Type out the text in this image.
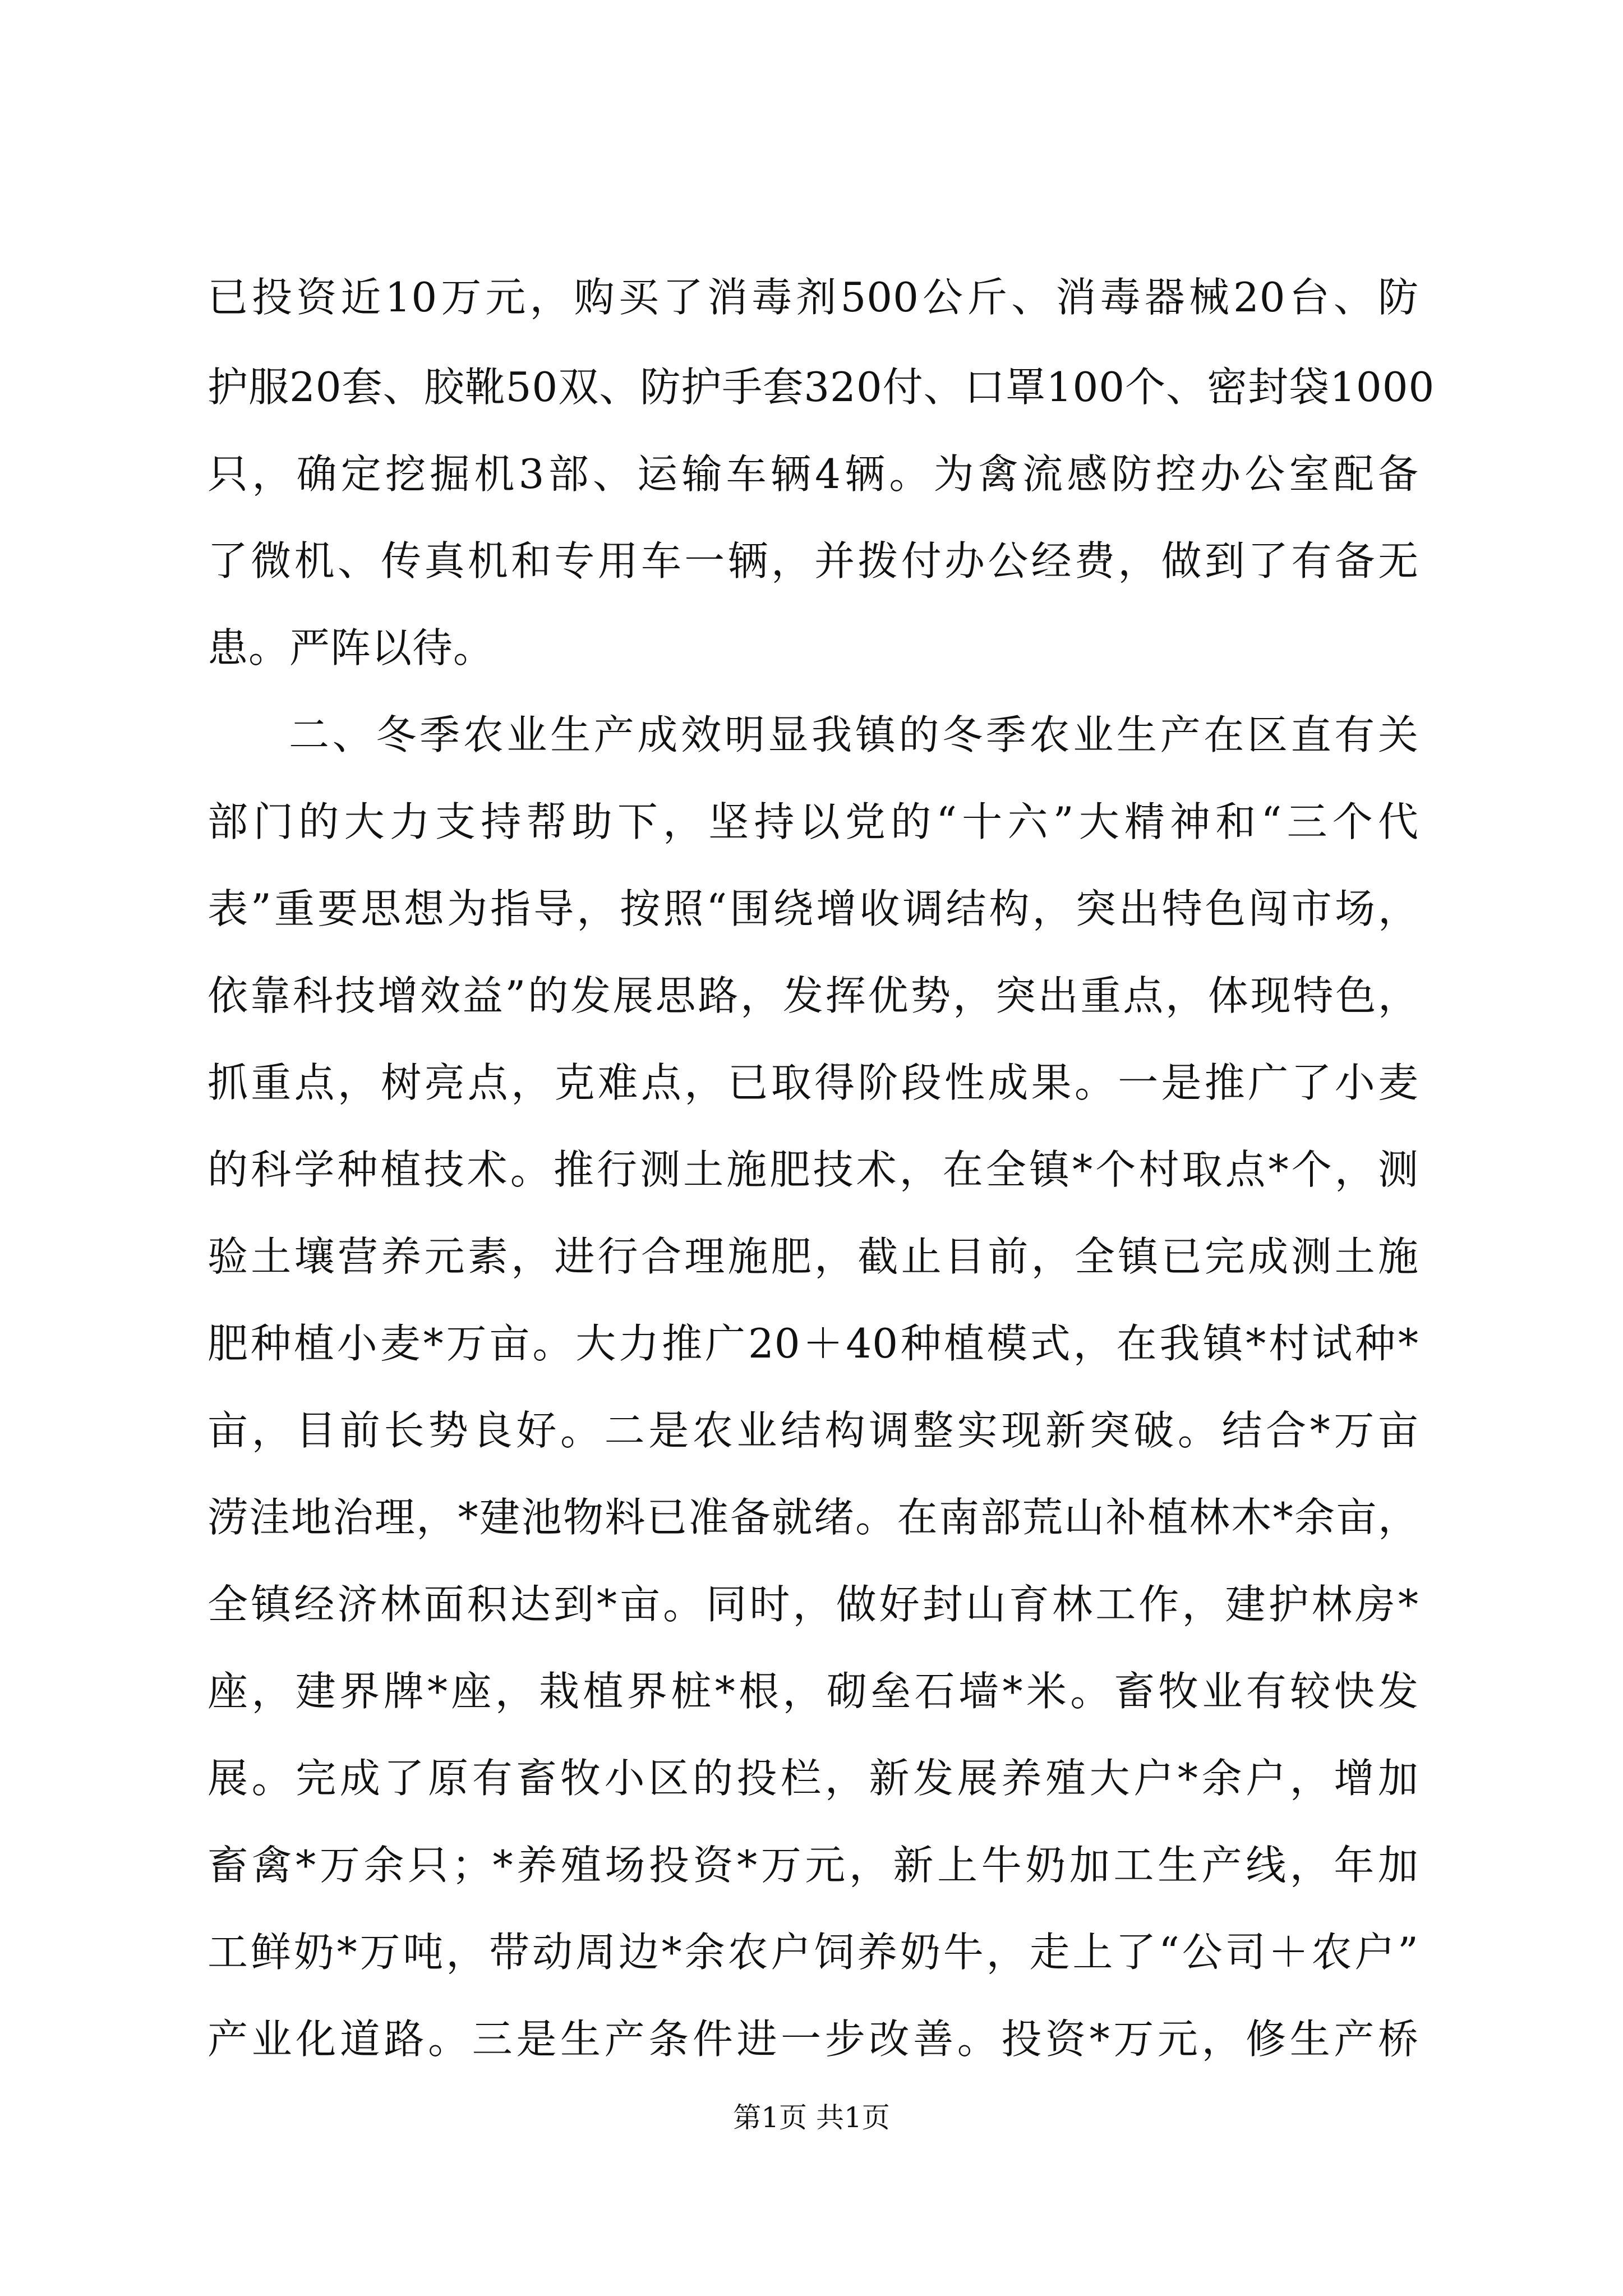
已投资近10万元，购买了消毒剂500公斤、消毒器械20台、防
护服20套、胶靴50双、防护手套320付、口罩100个、密封袋1000
只，确定挖掘机3部、运输车辆4辆。为禽流感防控办公室配备
了微机、传真机和专用车一辆，并拨付办公经费，做到了有备无
患。严阵以待。
二、冬季农业生产成效明显我镇的冬季农业生产在区直有关
部门的大力支持帮助下，坚持以党的“十六”大精神和“三个代
表”重要思想为指导，按照“围绕增收调结构，突出特色闯市场，
依靠科技增效益”的发展思路，发挥优势，突出重点，体现特色，
抓重点，树亮点，克难点，已取得阶段性成果。一是推广了小麦
的科学种植技术。推行测土施肥技术，在全镇*个村取点*个，测
验土壤营养元素，进行合理施肥，截止目前，全镇已完成测土施
肥种植小麦*万亩。大力推广20＋40种植模式，在我镇*村试种*
亩，目前长势良好。二是农业结构调整实现新突破。结合*万亩
涝洼地治理，*建池物料已准备就绪。在南部荒山补植林木*余亩，
全镇经济林面积达到*亩。同时，做好封山育林工作，建护林房*
座，建界牌*座，栽植界桩*根，砌垒石墙*米。畜牧业有较快发
展。完成了原有畜牧小区的投栏，新发展养殖大户*余户，增加
畜禽*万余只；*养殖场投资*万元，新上牛奶加工生产线，年加
工鲜奶*万吨，带动周边*余农户饲养奶牛，走上了“公司＋农户”
产业化道路。三是生产条件进一步改善。投资*万元，修生产桥
第1页 共1页
